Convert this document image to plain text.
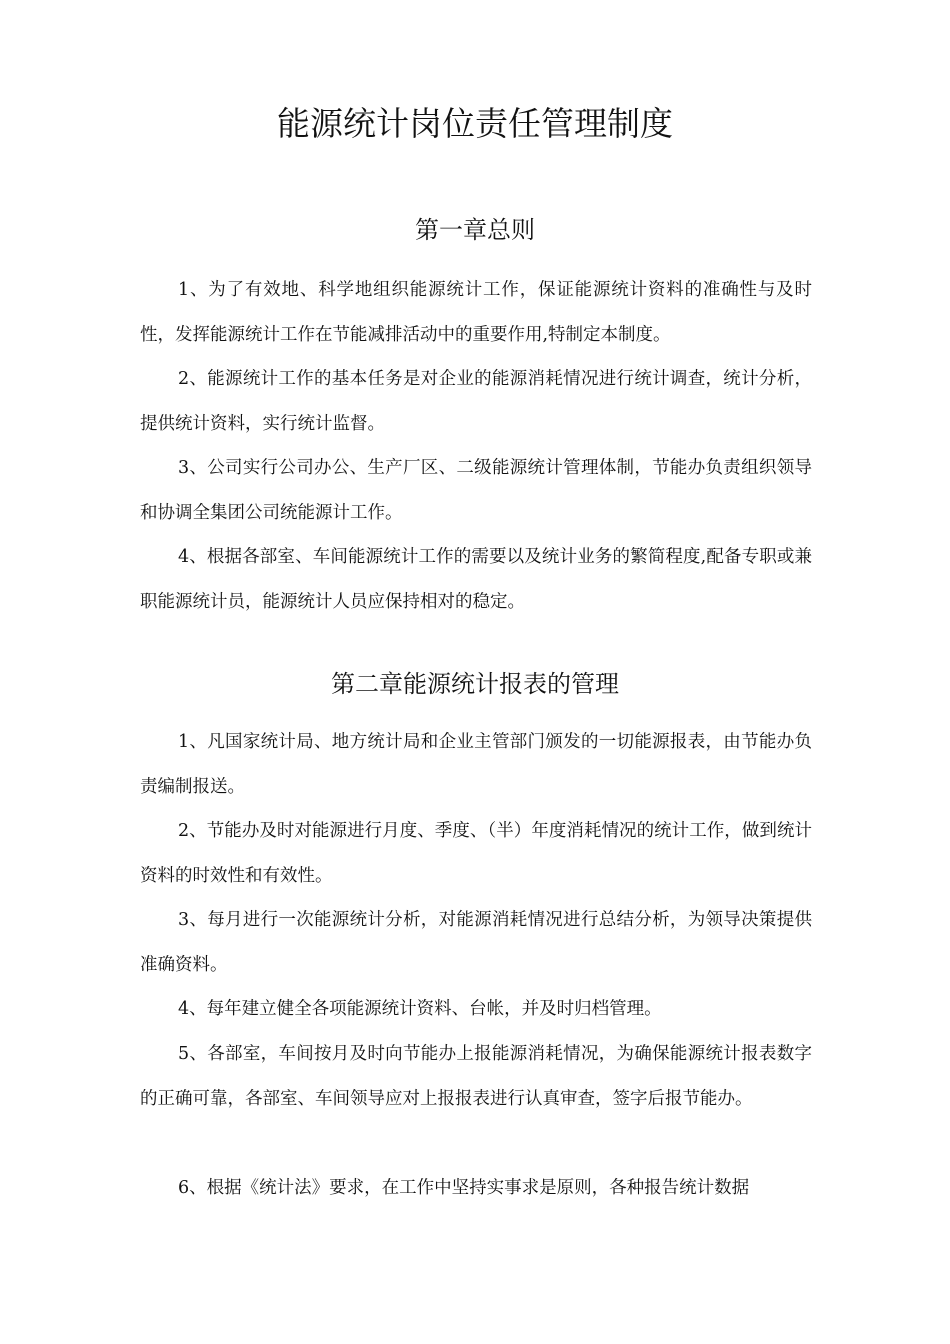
能源统计岗位责任管理制度
第一章总则

1、为了有效地、科学地组织能源统计工作，保证能源统计资料的准确性与及时性，发挥能源统计工作在节能减排活动中的重要作用,特制定本制度。

2、能源统计工作的基本任务是对企业的能源消耗情况进行统计调查，统计分析，提供统计资料，实行统计监督。

3、公司实行公司办公、生产厂区、二级能源统计管理体制，节能办负责组织领导和协调全集团公司统能源计工作。

4、根据各部室、车间能源统计工作的需要以及统计业务的繁简程度,配备专职或兼职能源统计员，能源统计人员应保持相对的稳定。

第二章能源统计报表的管理

1、凡国家统计局、地方统计局和企业主管部门颁发的一切能源报表，由节能办负责编制报送。

2、节能办及时对能源进行月度、季度、（半）年度消耗情况的统计工作，做到统计资料的时效性和有效性。

3、每月进行一次能源统计分析，对能源消耗情况进行总结分析，为领导决策提供准确资料。

4、每年建立健全各项能源统计资料、台帐，并及时归档管理。

5、各部室，车间按月及时向节能办上报能源消耗情况，为确保能源统计报表数字的正确可靠，各部室、车间领导应对上报报表进行认真审查，签字后报节能办。

6、根据《统计法》要求，在工作中坚持实事求是原则，各种报告统计数据
